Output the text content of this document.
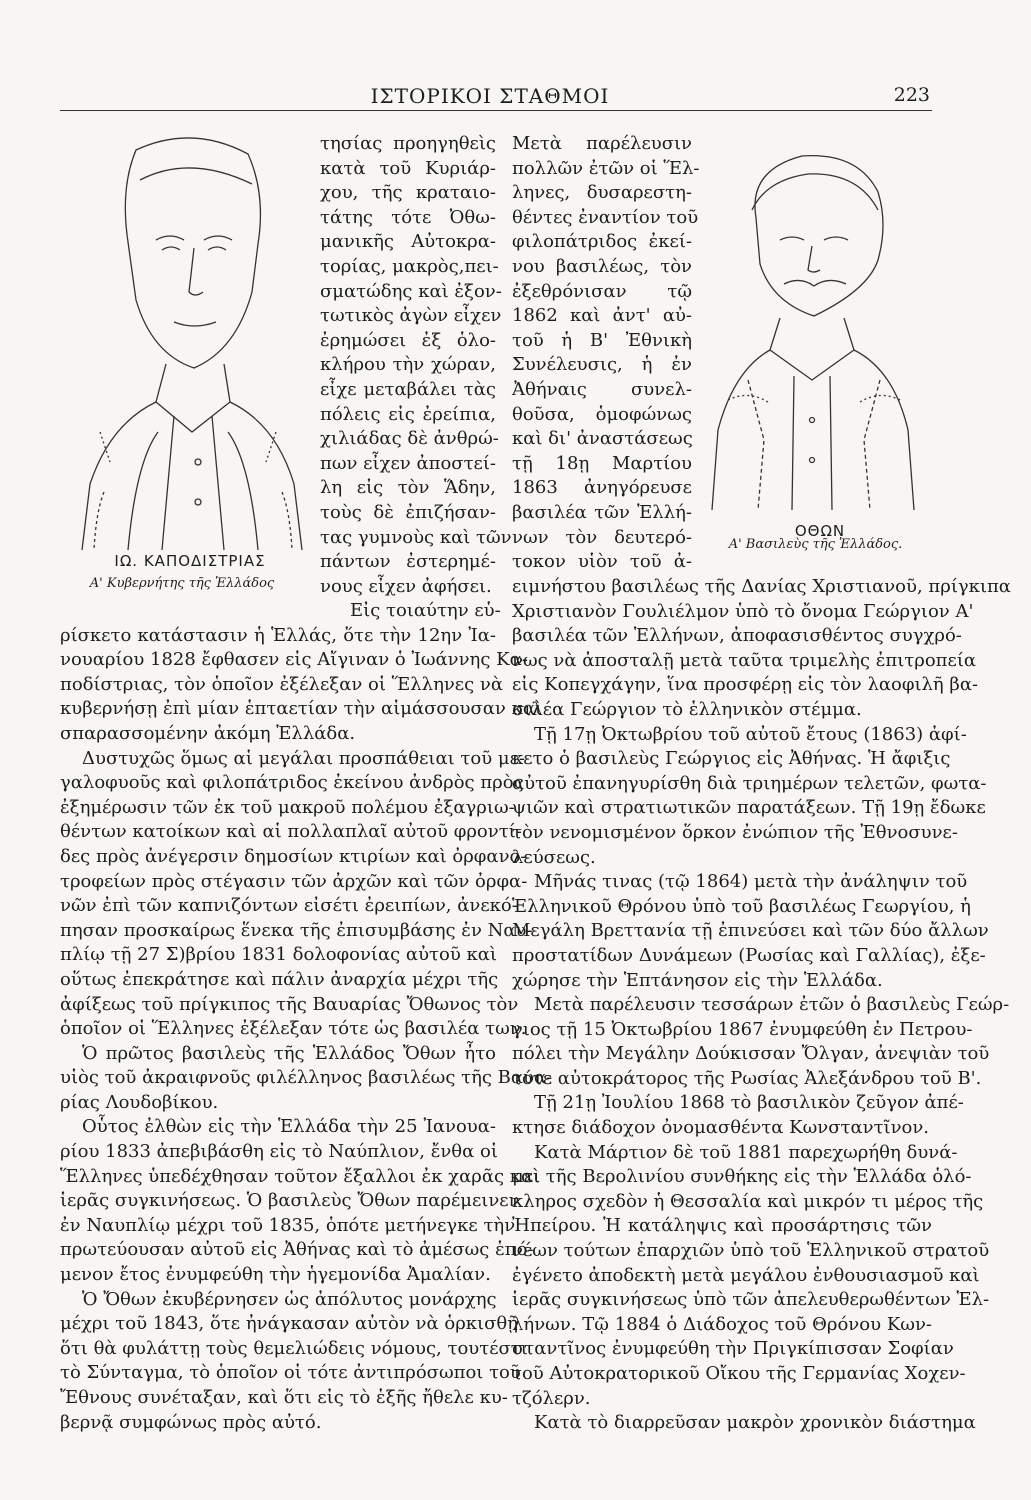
ΙΣΤΟΡΙΚΟΙ ΣΤΑΘΜΟΙ	223
ΙΩ. ΚΑΠΟΔΙΣΤΡΙΑΣ
Α' Κυβερνήτης τῆς Ἑλλάδος
ΟΘΩΝ
Α' Βασιλεὺς τῆς Ἑλλάδος.
τησίας προηγηθεὶς
κατὰ τοῦ Κυριάρ-
χου, τῆς κραταιο-
τάτης τότε Ὀθω-
μανικῆς Αὐτοκρα-
τορίας, μακρὸς,πει-
σματώδης καὶ ἐξον-
τωτικὸς ἀγὼν εἶχεν
ἐρημώσει ἐξ ὁλο-
κλήρου τὴν χώραν,
εἶχε μεταβάλει τὰς
πόλεις εἰς ἐρείπια,
χιλιάδας δὲ ἀνθρώ-
πων εἶχεν ἀποστεί-
λη εἰς τὸν Ἅδην,
τοὺς δὲ ἐπιζήσαν-
τας γυμνοὺς καὶ τῶν
πάντων ἐστερημέ-
νους εἶχεν ἀφήσει.
Μετὰ παρέλευσιν
πολλῶν ἐτῶν οἱ Ἕλ-
ληνες, δυσαρεστη-
θέντες ἐναντίον τοῦ
φιλοπάτριδος ἐκεί-
νου βασιλέως, τὸν
ἐξεθρόνισαν τῷ
1862 καὶ ἀντ' αὐ-
τοῦ ἡ Β' Ἐθνικὴ
Συνέλευσις, ἡ ἐν
Ἀθήναις συνελ-
θοῦσα, ὁμοφώνως
καὶ δι' ἀναστάσεως
τῇ 18ῃ Μαρτίου
1863 ἀνηγόρευσε
βασιλέα τῶν Ἑλλή-
νων τὸν δευτερό-
τοκον υἱὸν τοῦ ἀ-
Εἰς τοιαύτην εὑ-
ρίσκετο κατάστασιν ἡ Ἑλλάς, ὅτε τὴν 12ην Ἰα-
νουαρίου 1828 ἔφθασεν εἰς Αἴγιναν ὁ Ἰωάννης Κα-
ποδίστριας, τὸν ὁποῖον ἐξέλεξαν οἱ Ἕλληνες νὰ
κυβερνήσῃ ἐπὶ μίαν ἑπταετίαν τὴν αἱμάσσουσαν καὶ
σπαρασσομένην ἀκόμη Ἑλλάδα.
Δυστυχῶς ὅμως αἱ μεγάλαι προσπάθειαι τοῦ με-
γαλοφυοῦς καὶ φιλοπάτριδος ἐκείνου ἀνδρὸς πρὸς
ἐξημέρωσιν τῶν ἐκ τοῦ μακροῦ πολέμου ἐξαγριω-
θέντων κατοίκων καὶ αἱ πολλαπλαῖ αὐτοῦ φροντί-
δες πρὸς ἀνέγερσιν δημοσίων κτιρίων καὶ ὀρφανο-
τροφείων πρὸς στέγασιν τῶν ἀρχῶν καὶ τῶν ὀρφα-
νῶν ἐπὶ τῶν καπνιζόντων εἰσέτι ἐρειπίων, ἀνεκό-
πησαν προσκαίρως ἕνεκα τῆς ἐπισυμβάσης ἐν Ναυ-
πλίῳ τῇ 27 Σ)βρίου 1831 δολοφονίας αὐτοῦ καὶ
οὕτως ἐπεκράτησε καὶ πάλιν ἀναρχία μέχρι τῆς
ἀφίξεως τοῦ πρίγκιπος τῆς Βαυαρίας Ὄθωνος τὸν
ὁποῖον οἱ Ἕλληνες ἐξέλεξαν τότε ὡς βασιλέα των.
Ὁ πρῶτος βασιλεὺς τῆς Ἑλλάδος Ὄθων ἦτο
υἱὸς τοῦ ἀκραιφνοῦς φιλέλληνος βασιλέως τῆς Βαυα-
ρίας Λουδοβίκου.
Οὗτος ἐλθὼν εἰς τὴν Ἑλλάδα τὴν 25 Ἰανουα-
ρίου 1833 ἀπεβιβάσθη εἰς τὸ Ναύπλιον, ἔνθα οἱ
Ἕλληνες ὑπεδέχθησαν τοῦτον ἔξαλλοι ἐκ χαρᾶς καὶ
ἱερᾶς συγκινήσεως. Ὁ βασιλεὺς Ὄθων παρέμεινεν
ἐν Ναυπλίῳ μέχρι τοῦ 1835, ὁπότε μετήνεγκε τὴν
πρωτεύουσαν αὐτοῦ εἰς Ἀθήνας καὶ τὸ ἀμέσως ἑπό-
μενον ἔτος ἐνυμφεύθη τὴν ἡγεμονίδα Ἀμαλίαν.
Ὁ Ὄθων ἐκυβέρνησεν ὡς ἀπόλυτος μονάρχης
μέχρι τοῦ 1843, ὅτε ἠνάγκασαν αὐτὸν νὰ ὁρκισθῇ
ὅτι θὰ φυλάττῃ τοὺς θεμελιώδεις νόμους, τουτέστι
τὸ Σύνταγμα, τὸ ὁποῖον οἱ τότε ἀντιπρόσωποι τοῦ
Ἔθνους συνέταξαν, καὶ ὅτι εἰς τὸ ἑξῆς ἤθελε κυ-
βερνᾷ συμφώνως πρὸς αὐτό.
ειμνήστου βασιλέως τῆς Δανίας Χριστιανοῦ, πρίγκιπα
Χριστιανὸν Γουλιέλμον ὑπὸ τὸ ὄνομα Γεώργιον Α'
βασιλέα τῶν Ἑλλήνων, ἀποφασισθέντος συγχρό-
νως νὰ ἀποσταλῇ μετὰ ταῦτα τριμελὴς ἐπιτροπεία
εἰς Κοπεγχάγην, ἵνα προσφέρῃ εἰς τὸν λαοφιλῆ βα-
σιλέα Γεώργιον τὸ ἑλληνικὸν στέμμα.
Τῇ 17ῃ Ὀκτωβρίου τοῦ αὐτοῦ ἔτους (1863) ἀφί-
κετο ὁ βασιλεὺς Γεώργιος εἰς Ἀθήνας. Ἡ ἄφιξις
αὐτοῦ ἐπανηγυρίσθη διὰ τριημέρων τελετῶν, φωτα-
ψιῶν καὶ στρατιωτικῶν παρατάξεων. Τῇ 19ῃ ἔδωκε
τὸν νενομισμένον ὅρκον ἐνώπιον τῆς Ἐθνοσυνε-
λεύσεως.
Μῆνάς τινας (τῷ 1864) μετὰ τὴν ἀνάληψιν τοῦ
Ἑλληνικοῦ Θρόνου ὑπὸ τοῦ βασιλέως Γεωργίου, ἡ
Μεγάλη Βρεττανία τῇ ἐπινεύσει καὶ τῶν δύο ἄλλων
προστατίδων Δυνάμεων (Ρωσίας καὶ Γαλλίας), ἐξε-
χώρησε τὴν Ἑπτάνησον εἰς τὴν Ἑλλάδα.
Μετὰ παρέλευσιν τεσσάρων ἐτῶν ὁ βασιλεὺς Γεώρ-
γιος τῇ 15 Ὀκτωβρίου 1867 ἐνυμφεύθη ἐν Πετρου-
πόλει τὴν Μεγάλην Δούκισσαν Ὄλγαν, ἀνεψιὰν τοῦ
τότε αὐτοκράτορος τῆς Ρωσίας Ἀλεξάνδρου τοῦ Β'.
Τῇ 21ῃ Ἰουλίου 1868 τὸ βασιλικὸν ζεῦγον ἀπέ-
κτησε διάδοχον ὀνομασθέντα Κωνσταντῖνον.
Κατὰ Μάρτιον δὲ τοῦ 1881 παρεχωρήθη δυνά-
μει τῆς Βερολινίου συνθήκης εἰς τὴν Ἑλλάδα ὁλό-
κληρος σχεδὸν ἡ Θεσσαλία καὶ μικρόν τι μέρος τῆς
Ἠπείρου. Ἡ κατάληψις καὶ προσάρτησις τῶν
νέων τούτων ἐπαρχιῶν ὑπὸ τοῦ Ἑλληνικοῦ στρατοῦ
ἐγένετο ἀποδεκτὴ μετὰ μεγάλου ἐνθουσιασμοῦ καὶ
ἱερᾶς συγκινήσεως ὑπὸ τῶν ἀπελευθερωθέντων Ἑλ-
λήνων. Τῷ 1884 ὁ Διάδοχος τοῦ Θρόνου Κων-
σταντῖνος ἐνυμφεύθη τὴν Πριγκίπισσαν Σοφίαν
τοῦ Αὐτοκρατορικοῦ Οἴκου τῆς Γερμανίας Χοχεν-
τζόλερν.
Κατὰ τὸ διαρρεῦσαν μακρὸν χρονικὸν διάστημα
